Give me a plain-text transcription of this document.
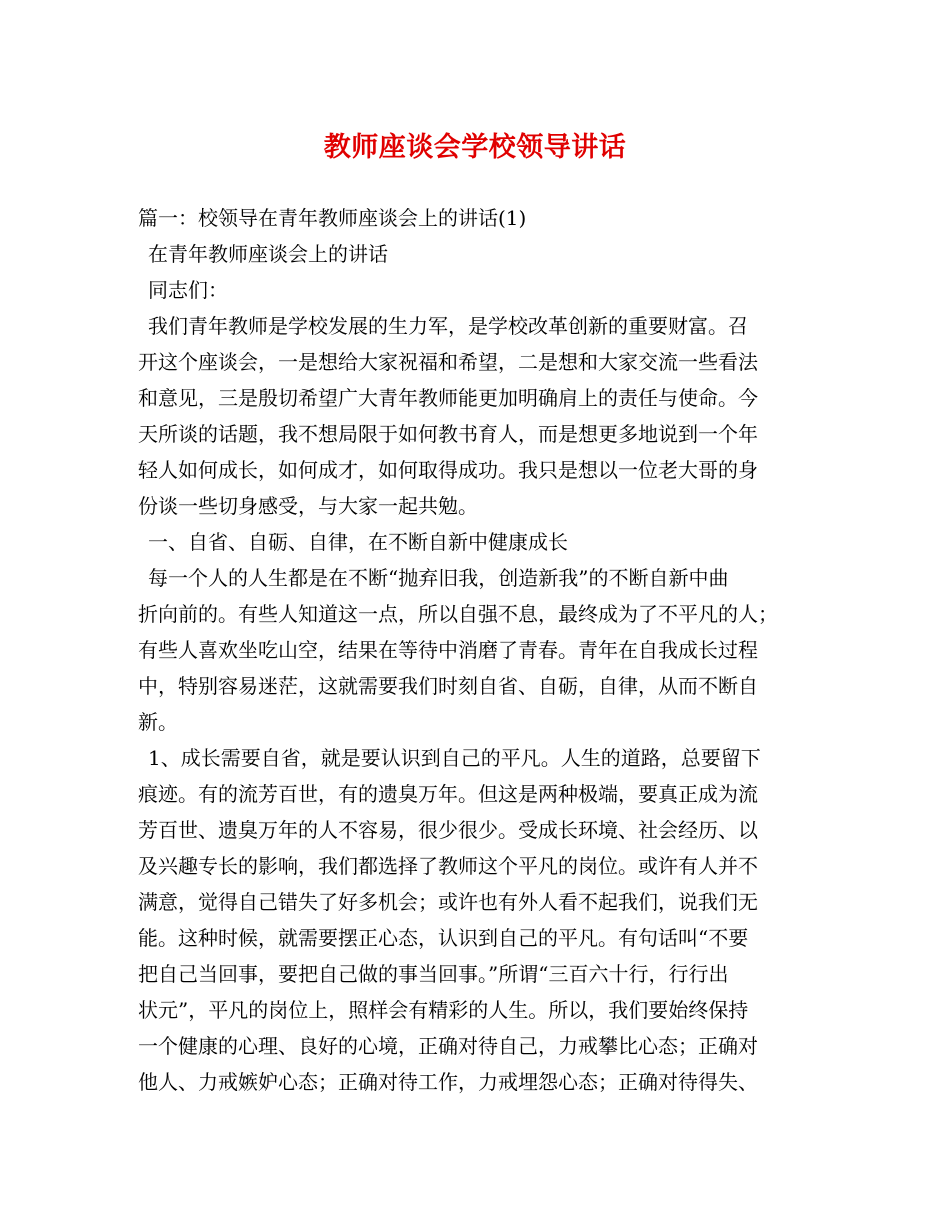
教师座谈会学校领导讲话
篇一：校领导在青年教师座谈会上的讲话(1)
在青年教师座谈会上的讲话
同志们：
我们青年教师是学校发展的生力军，是学校改革创新的重要财富。召
开这个座谈会，一是想给大家祝福和希望，二是想和大家交流一些看法
和意见，三是殷切希望广大青年教师能更加明确肩上的责任与使命。今
天所谈的话题，我不想局限于如何教书育人，而是想更多地说到一个年
轻人如何成长，如何成才，如何取得成功。我只是想以一位老大哥的身
份谈一些切身感受，与大家一起共勉。
一、自省、自砺、自律，在不断自新中健康成长
每一个人的人生都是在不断“抛弃旧我，创造新我”的不断自新中曲
折向前的。有些人知道这一点，所以自强不息，最终成为了不平凡的人；
有些人喜欢坐吃山空，结果在等待中消磨了青春。青年在自我成长过程
中，特别容易迷茫，这就需要我们时刻自省、自砺，自律，从而不断自
新。
1、成长需要自省，就是要认识到自己的平凡。人生的道路，总要留下
痕迹。有的流芳百世，有的遗臭万年。但这是两种极端，要真正成为流
芳百世、遗臭万年的人不容易，很少很少。受成长环境、社会经历、以
及兴趣专长的影响，我们都选择了教师这个平凡的岗位。或许有人并不
满意，觉得自己错失了好多机会；或许也有外人看不起我们，说我们无
能。这种时候，就需要摆正心态，认识到自己的平凡。有句话叫“不要
把自己当回事，要把自己做的事当回事。”所谓“三百六十行，行行出
状元”，平凡的岗位上，照样会有精彩的人生。所以，我们要始终保持
一个健康的心理、良好的心境，正确对待自己，力戒攀比心态；正确对
他人、力戒嫉妒心态；正确对待工作，力戒埋怨心态；正确对待得失、
